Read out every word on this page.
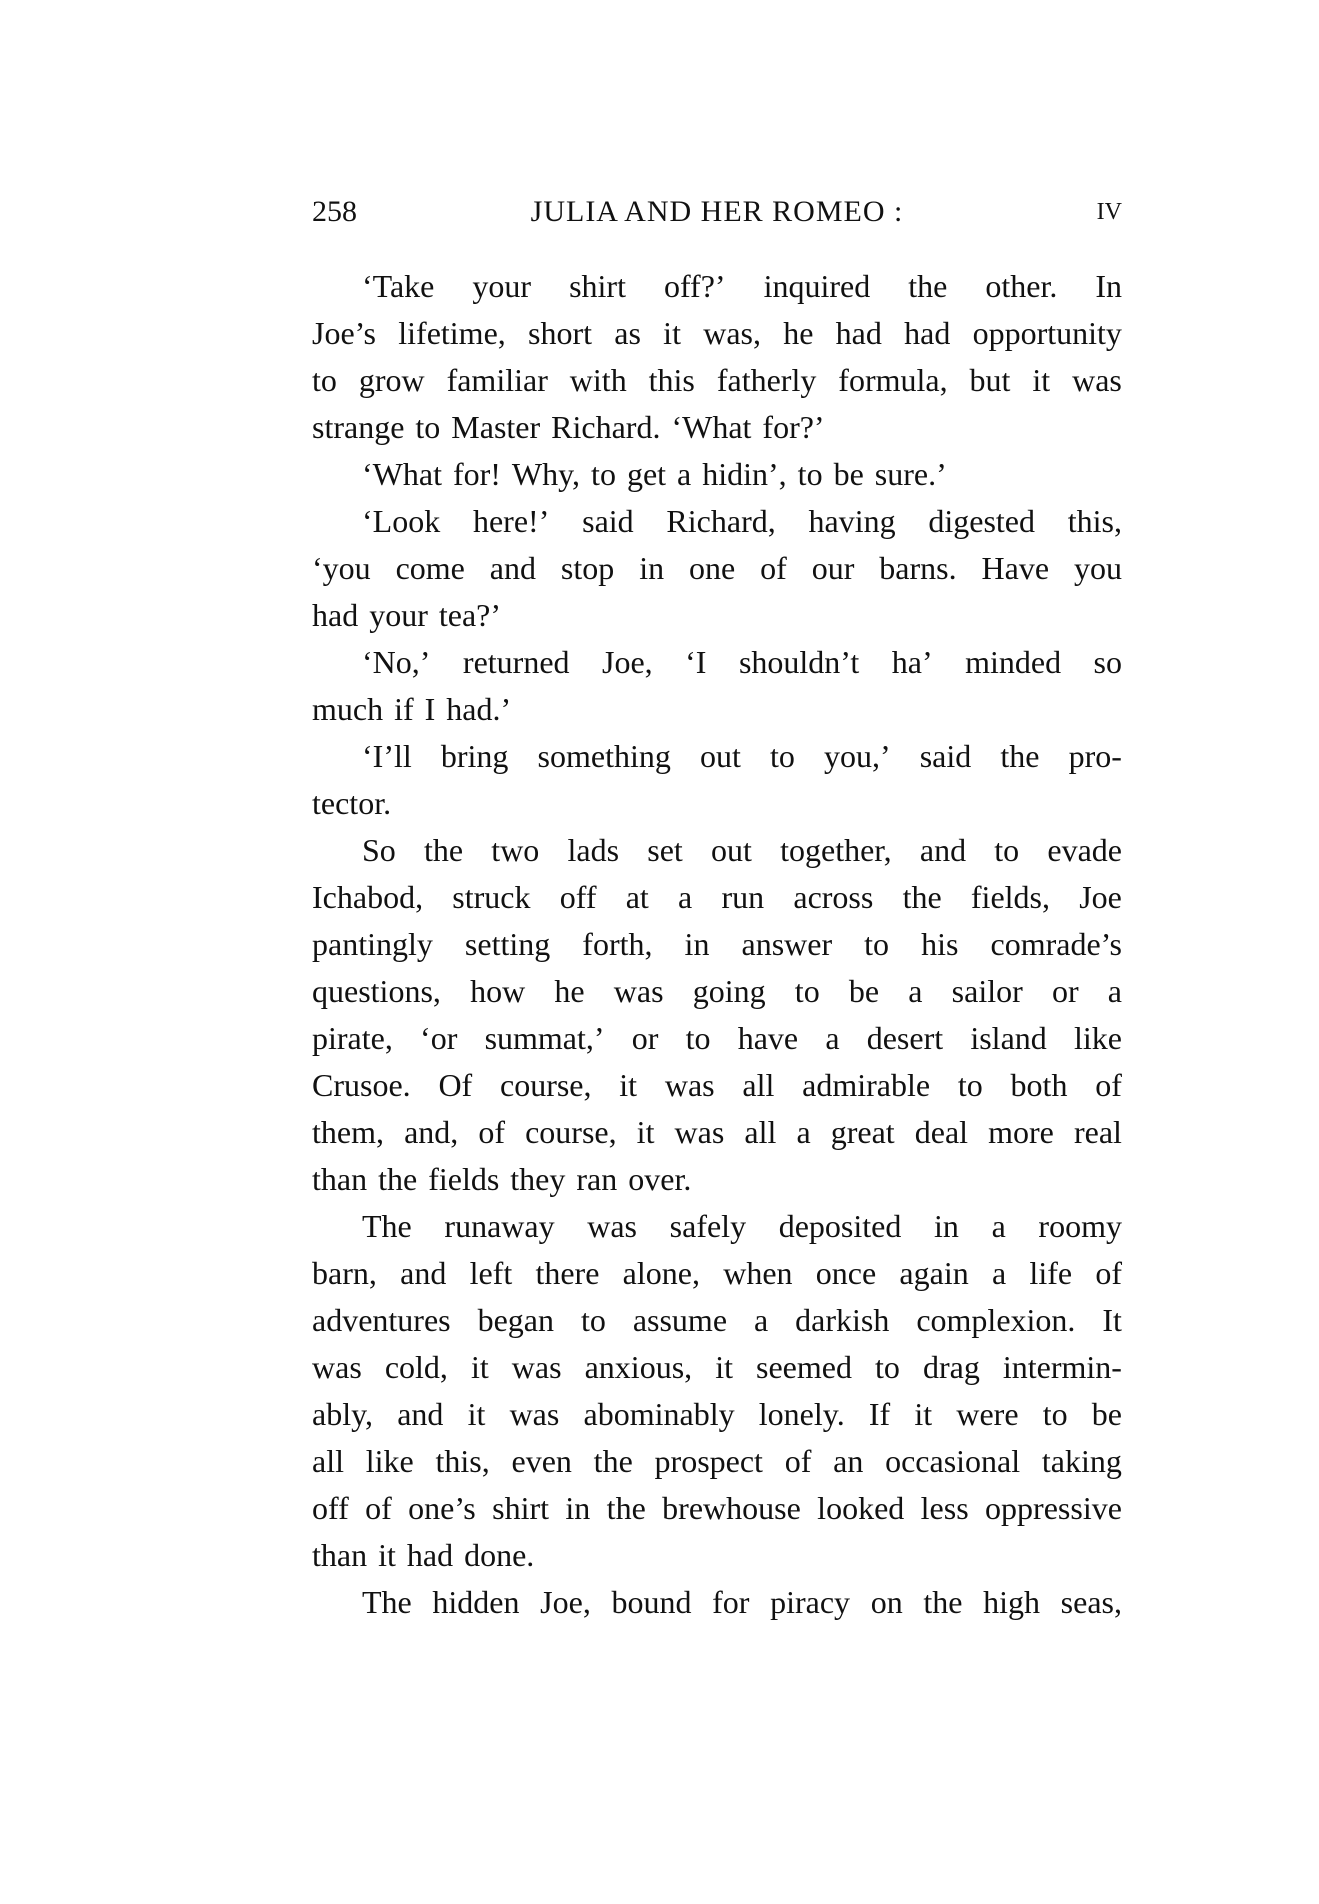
258	JULIA AND HER ROMEO :	IV
‘Take your shirt off?’ inquired the other. In
Joe’s lifetime, short as it was, he had had opportunity
to grow familiar with this fatherly formula, but it was
strange to Master Richard. ‘What for?’
‘What for! Why, to get a hidin’, to be sure.’
‘Look here!’ said Richard, having digested this,
‘you come and stop in one of our barns. Have you
had your tea?’
‘No,’ returned Joe, ‘I shouldn’t ha’ minded so
much if I had.’
‘I’ll bring something out to you,’ said the pro-
tector.
So the two lads set out together, and to evade
Ichabod, struck off at a run across the fields, Joe
pantingly setting forth, in answer to his comrade’s
questions, how he was going to be a sailor or a
pirate, ‘or summat,’ or to have a desert island like
Crusoe. Of course, it was all admirable to both of
them, and, of course, it was all a great deal more real
than the fields they ran over.
The runaway was safely deposited in a roomy
barn, and left there alone, when once again a life of
adventures began to assume a darkish complexion. It
was cold, it was anxious, it seemed to drag intermin-
ably, and it was abominably lonely. If it were to be
all like this, even the prospect of an occasional taking
off of one’s shirt in the brewhouse looked less oppressive
than it had done.
The hidden Joe, bound for piracy on the high seas,
